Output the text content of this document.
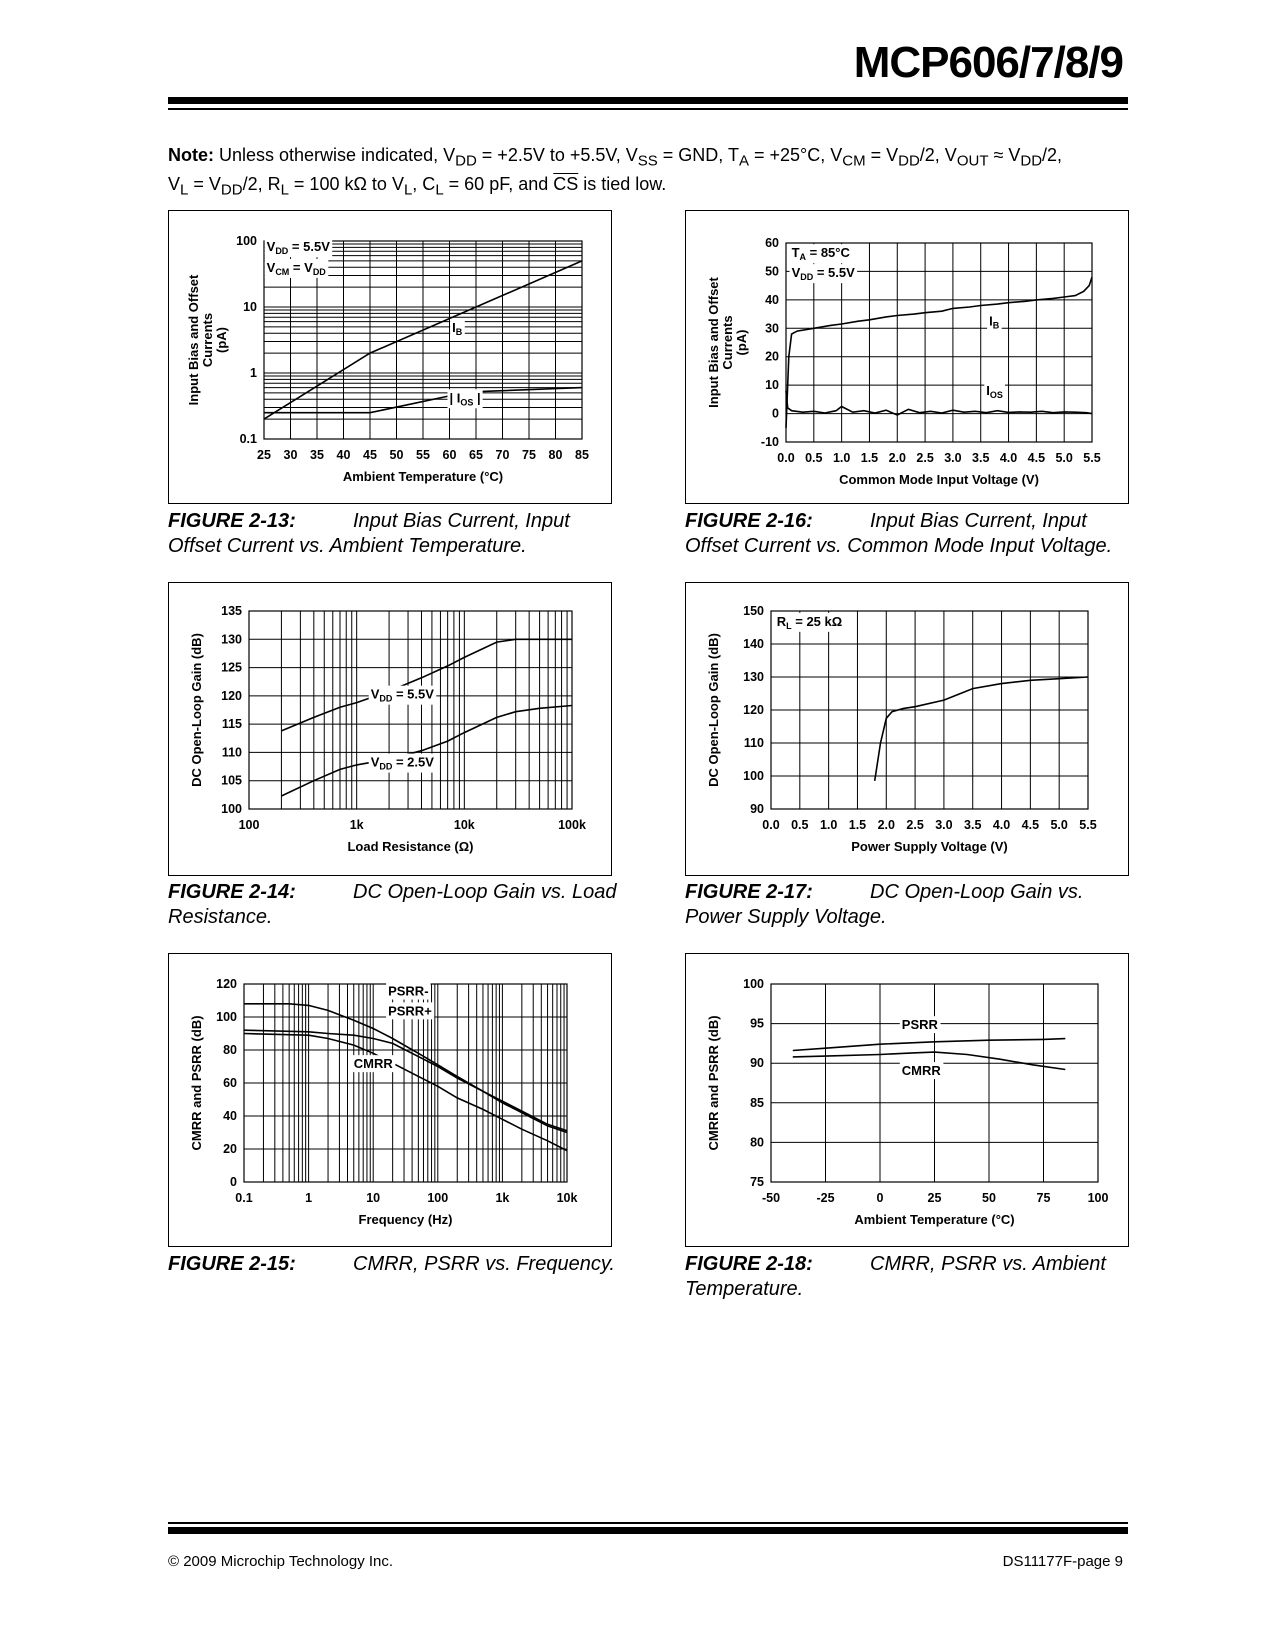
MCP606/7/8/9
Note: Unless otherwise indicated, $V_{DD} = +2.5V$ to +5.5V, $V_{SS}$ = GND, $T_A = +25^\circ C$, $V_{CM} = V_{DD}/2$, $V_{OUT} \approx V_{DD}/2$,
$V_L = V_{DD}/2$, $R_L = 100$ kΩ to $V_L$, $C_L = 60$ pF, and $\overline{CS}$ is tied low.
25 30 35 40 45 50 55 60 65 70 75 80 85
0.1
1
10
100
Ambient Temperature (°C)
Input Bias and Offset Currents (pA)
$V_{DD} = 5.5V$
$V_{CM} = V_{DD}$
$I_B$
| $I_{OS}$ |
FIGURE 2-13:	Input Bias Current, Input Offset Current vs. Ambient Temperature.
0.0 0.5 1.0 1.5 2.0 2.5 3.0 3.5 4.0 4.5 5.0 5.5
-10
0
10
20
30
40
50
60
Common Mode Input Voltage (V)
Input Bias and Offset Currents (pA)
$T_A = 85^\circ C$
$V_{DD} = 5.5V$
$I_B$
$I_{OS}$
FIGURE 2-16:	Input Bias Current, Input Offset Current vs. Common Mode Input Voltage.
100	1k	10k	100k
100
105
110
115
120
125
130
135
Load Resistance (Ω)
DC Open-Loop Gain (dB)	$V_{DD} = 5.5V$
$V_{DD} = 2.5V$
FIGURE 2-14:	DC Open-Loop Gain vs. Load Resistance.
0.0 0.5 1.0 1.5 2.0 2.5 3.0 3.5 4.0 4.5 5.0 5.5
90
100
110
120
130
140
150
Power Supply Voltage (V)
DC Open-Loop Gain (dB)
$R_L = 25$ kΩ
FIGURE 2-17:	DC Open-Loop Gain vs. Power Supply Voltage.
0.1	1	10	100	1k	10k
0
20
40
60
80
100
120
Frequency (Hz)
CMRR and PSRR (dB)
PSRR-
PSRR+
CMRR
FIGURE 2-15:	CMRR, PSRR vs. Frequency.
-50	-25	0	25	50	75	100
75
80
85
90
95
100
Ambient Temperature (°C)
CMRR and PSRR (dB)	PSRR
CMRR
FIGURE 2-18:	CMRR, PSRR vs. Ambient Temperature.
© 2009 Microchip Technology Inc.	DS11177F-page 9
